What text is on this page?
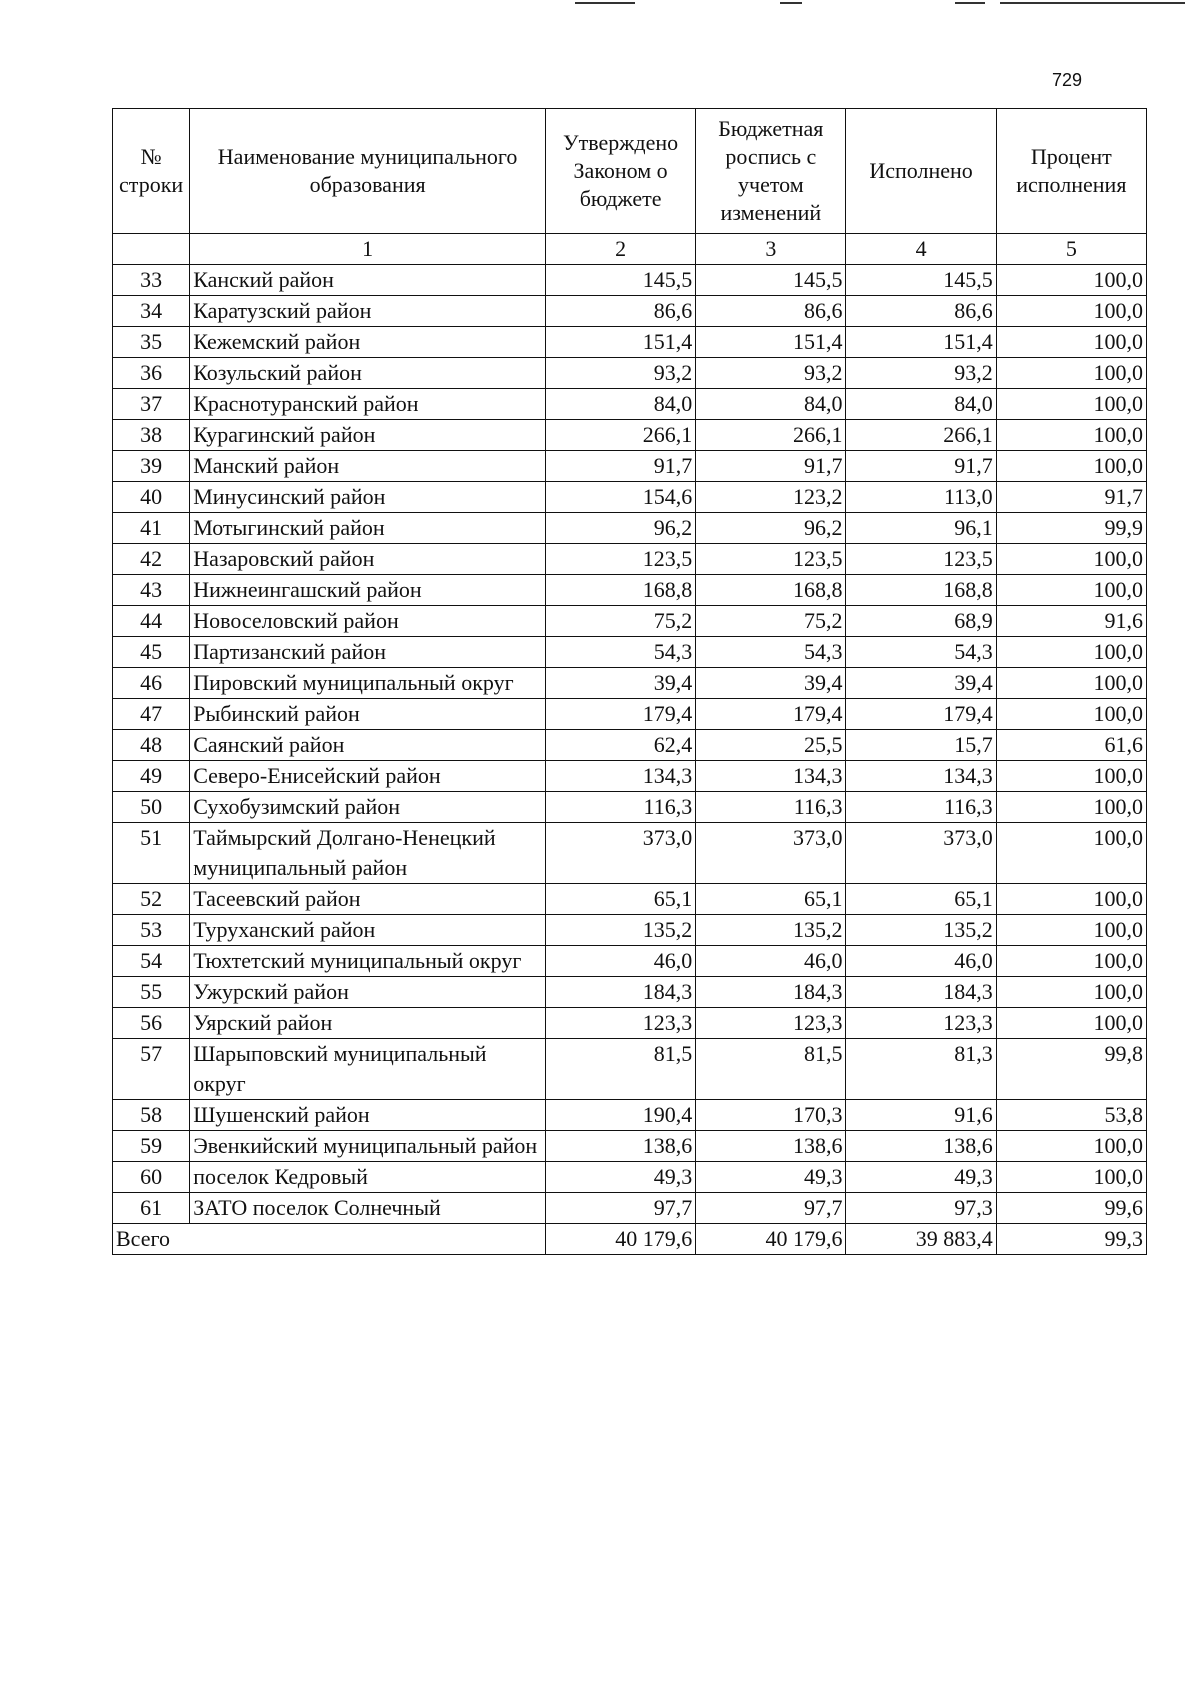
729
№ строки	Наименование муниципального образования	Утверждено Законом о бюджете	Бюджетная роспись с учетом изменений	Исполнено	Процент исполнения
	1	2	3	4	5
33	Канский район	145,5	145,5	145,5	100,0
34	Каратузский район	86,6	86,6	86,6	100,0
35	Кежемский район	151,4	151,4	151,4	100,0
36	Козульский район	93,2	93,2	93,2	100,0
37	Краснотуранский район	84,0	84,0	84,0	100,0
38	Курагинский район	266,1	266,1	266,1	100,0
39	Манский район	91,7	91,7	91,7	100,0
40	Минусинский район	154,6	123,2	113,0	91,7
41	Мотыгинский район	96,2	96,2	96,1	99,9
42	Назаровский район	123,5	123,5	123,5	100,0
43	Нижнеингашский район	168,8	168,8	168,8	100,0
44	Новоселовский район	75,2	75,2	68,9	91,6
45	Партизанский район	54,3	54,3	54,3	100,0
46	Пировский муниципальный округ	39,4	39,4	39,4	100,0
47	Рыбинский район	179,4	179,4	179,4	100,0
48	Саянский район	62,4	25,5	15,7	61,6
49	Северо-Енисейский район	134,3	134,3	134,3	100,0
50	Сухобузимский район	116,3	116,3	116,3	100,0
51	Таймырский Долгано-Ненецкий муниципальный район	373,0	373,0	373,0	100,0
52	Тасеевский район	65,1	65,1	65,1	100,0
53	Туруханский район	135,2	135,2	135,2	100,0
54	Тюхтетский муниципальный округ	46,0	46,0	46,0	100,0
55	Ужурский район	184,3	184,3	184,3	100,0
56	Уярский район	123,3	123,3	123,3	100,0
57	Шарыповский муниципальный округ	81,5	81,5	81,3	99,8
58	Шушенский район	190,4	170,3	91,6	53,8
59	Эвенкийский муниципальный район	138,6	138,6	138,6	100,0
60	поселок Кедровый	49,3	49,3	49,3	100,0
61	ЗАТО поселок Солнечный	97,7	97,7	97,3	99,6
Всего		40 179,6	40 179,6	39 883,4	99,3
